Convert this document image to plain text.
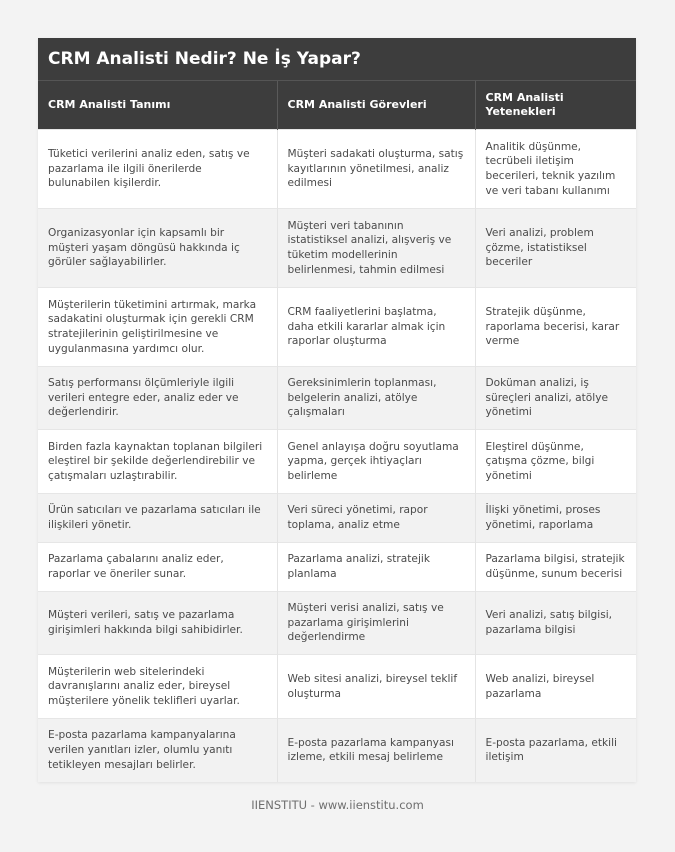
CRM Analisti Nedir? Ne İş Yapar?
CRM Analisti Tanımı	CRM Analisti Görevleri	CRM Analisti Yetenekleri
Tüketici verilerini analiz eden, satış ve pazarlama ile ilgili önerilerde bulunabilen kişilerdir.	Müşteri sadakati oluşturma, satış kayıtlarının yönetilmesi, analiz edilmesi	Analitik düşünme, tecrübeli iletişim becerileri, teknik yazılım ve veri tabanı kullanımı
Organizasyonlar için kapsamlı bir müşteri yaşam döngüsü hakkında iç görüler sağlayabilirler.	Müşteri veri tabanının istatistiksel analizi, alışveriş ve tüketim modellerinin belirlenmesi, tahmin edilmesi	Veri analizi, problem çözme, istatistiksel beceriler
Müşterilerin tüketimini artırmak, marka sadakatini oluşturmak için gerekli CRM stratejilerinin geliştirilmesine ve uygulanmasına yardımcı olur.	CRM faaliyetlerini başlatma, daha etkili kararlar almak için raporlar oluşturma	Stratejik düşünme, raporlama becerisi, karar verme
Satış performansı ölçümleriyle ilgili verileri entegre eder, analiz eder ve değerlendirir.	Gereksinimlerin toplanması, belgelerin analizi, atölye çalışmaları	Doküman analizi, iş süreçleri analizi, atölye yönetimi
Birden fazla kaynaktan toplanan bilgileri eleştirel bir şekilde değerlendirebilir ve çatışmaları uzlaştırabilir.	Genel anlayışa doğru soyutlama yapma, gerçek ihtiyaçları belirleme	Eleştirel düşünme, çatışma çözme, bilgi yönetimi
Ürün satıcıları ve pazarlama satıcıları ile ilişkileri yönetir.	Veri süreci yönetimi, rapor toplama, analiz etme	İlişki yönetimi, proses yönetimi, raporlama
Pazarlama çabalarını analiz eder, raporlar ve öneriler sunar.	Pazarlama analizi, stratejik planlama	Pazarlama bilgisi, stratejik düşünme, sunum becerisi
Müşteri verileri, satış ve pazarlama girişimleri hakkında bilgi sahibidirler.	Müşteri verisi analizi, satış ve pazarlama girişimlerini değerlendirme	Veri analizi, satış bilgisi, pazarlama bilgisi
Müşterilerin web sitelerindeki davranışlarını analiz eder, bireysel müşterilere yönelik teklifleri uyarlar.	Web sitesi analizi, bireysel teklif oluşturma	Web analizi, bireysel pazarlama
E-posta pazarlama kampanyalarına verilen yanıtları izler, olumlu yanıtı tetikleyen mesajları belirler.	E-posta pazarlama kampanyası izleme, etkili mesaj belirleme	E-posta pazarlama, etkili iletişim
IIENSTITU - www.iienstitu.com
